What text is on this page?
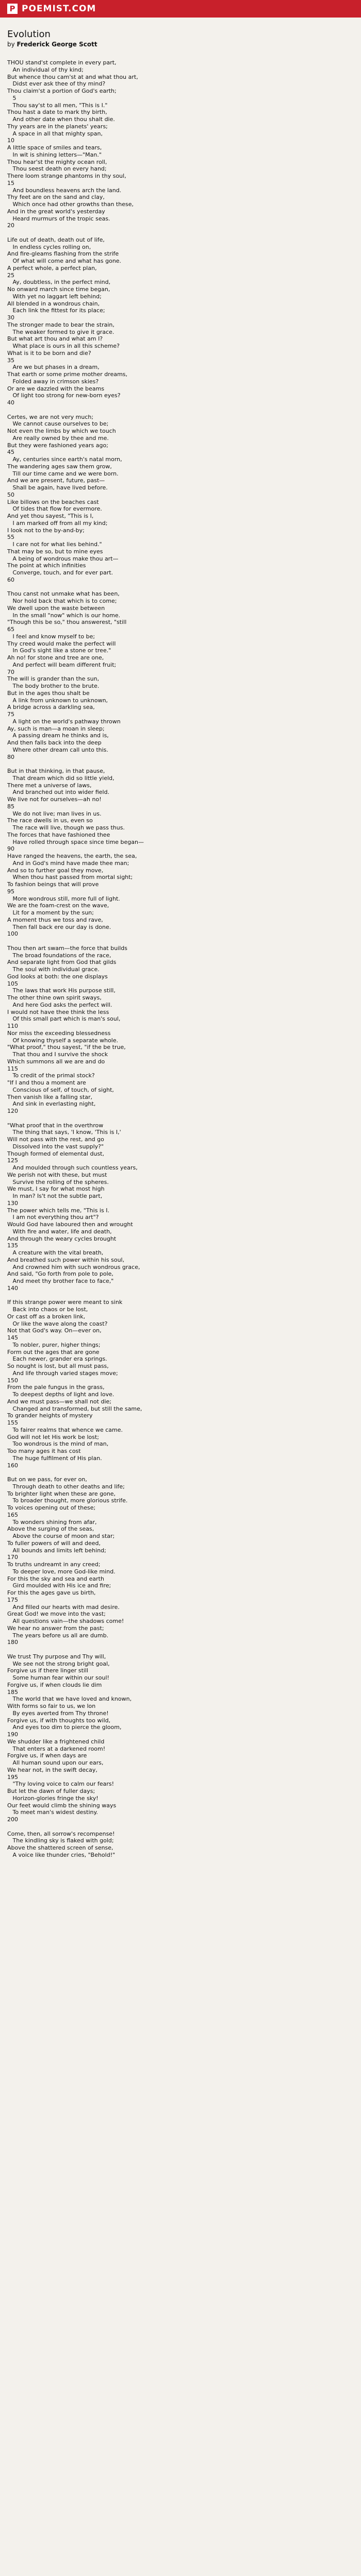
P POEMIST.COM
Evolution
by Frederick George Scott
THOU stand'st complete in every part,
An individual of thy kind;
But whence thou cam'st at and what thou art,
Didst ever ask thee of thy mind?
Thou claim'st a portion of God's earth;
5
Thou say'st to all men, "This is I."
Thou hast a date to mark thy birth,
And other date when thou shalt die.
Thy years are in the planets' years;
A space in all that mighty span,
10
A little space of smiles and tears,
In wit is shining letters—"Man."
Thou hear'st the mighty ocean roll,
Thou seest death on every hand;
There loom strange phantoms in thy soul,
15
And boundless heavens arch the land.
Thy feet are on the sand and clay,
Which once had other growths than these,
And in the great world's yesterday
Heard murmurs of the tropic seas.
20
Life out of death, death out of life,
In endless cycles rolling on,
And fire-gleams flashing from the strife
Of what will come and what has gone.
A perfect whole, a perfect plan,
25
Ay, doubtless, in the perfect mind,
No onward march since time began,
With yet no laggart left behind;
All blended in a wondrous chain,
Each link the fittest for its place;
30
The stronger made to bear the strain,
The weaker formed to give it grace.
But what art thou and what am I?
What place is ours in all this scheme?
What is it to be born and die?
35
Are we but phases in a dream,
That earth or some prime mother dreams,
Folded away in crimson skies?
Or are we dazzled with the beams
Of light too strong for new-born eyes?
40
Certes, we are not very much;
We cannot cause ourselves to be;
Not even the limbs by which we touch
Are really owned by thee and me.
But they were fashioned years ago;
45
Ay, centuries since earth's natal morn,
The wandering ages saw them grow,
Till our time came and we were born.
And we are present, future, past—
Shall be again, have lived before.
50
Like billows on the beaches cast
Of tides that flow for evermore.
And yet thou sayest, "This is I,
I am marked off from all my kind;
I look not to the by-and-by;
55
I care not for what lies behind."
That may be so, but to mine eyes
A being of wondrous make thou art—
The point at which infinities
Converge, touch, and for ever part.
60
Thou canst not unmake what has been,
Nor hold back that which is to come;
We dwell upon the waste between
In the small "now" which is our home.
"Though this be so," thou answerest, "still
65
I feel and know myself to be;
Thy creed would make the perfect will
In God's sight like a stone or tree."
Ah no! for stone and tree are one,
And perfect will beam different fruit;
70
The will is grander than the sun,
The body brother to the brute.
But in the ages thou shalt be
A link from unknown to unknown,
A bridge across a darkling sea,
75
A light on the world's pathway thrown
Ay, such is man—a moan in sleep;
A passing dream he thinks and is,
And then falls back into the deep
Where other dream call unto this.
80
But in that thinking, in that pause,
That dream which did so little yield,
There met a universe of laws,
And branched out into wider field.
We live not for ourselves—ah no!
85
We do not live; man lives in us.
The race dwells in us, even so
The race will live, though we pass thus.
The forces that have fashioned thee
Have rolled through space since time began—
90
Have ranged the heavens, the earth, the sea,
And in God's mind have made thee man;
And so to further goal they move,
When thou hast passed from mortal sight;
To fashion beings that will prove
95
More wondrous still, more full of light.
We are the foam-crest on the wave,
Lit for a moment by the sun;
A moment thus we toss and rave,
Then fall back ere our day is done.
100
Thou then art swam—the force that builds
The broad foundations of the race,
And separate light from God that gilds
The soul with individual grace.
God looks at both: the one displays
105
The laws that work His purpose still,
The other thine own spirit sways,
And here God asks the perfect will.
I would not have thee think the less
Of this small part which is man's soul,
110
Nor miss the exceeding blessedness
Of knowing thyself a separate whole.
"What proof," thou sayest, "if the be true,
That thou and I survive the shock
Which summons all we are and do
115
To credit of the primal stock?
"If I and thou a moment are
Conscious of self, of touch, of sight,
Then vanish like a falling star,
And sink in everlasting night,
120
"What proof that in the overthrow
The thing that says, 'I know, 'This is I,'
Will not pass with the rest, and go
Dissolved into the vast supply?"
Though formed of elemental dust,
125
And moulded through such countless years,
We perish not with these, but must
Survive the rolling of the spheres.
We must, I say for what most high
In man? Is't not the subtle part,
130
The power which tells me, "This is I.
I am not everything thou art"?
Would God have laboured then and wrought
With fire and water, life and death,
And through the weary cycles brought
135
A creature with the vital breath,
And breathed such power within his soul,
And crowned him with such wondrous grace,
And said, "Go forth from pole to pole,
And meet thy brother face to face,"
140
If this strange power were meant to sink
Back into chaos or be lost,
Or cast off as a broken link,
Or like the wave along the coast?
Not that God's way. On—ever on,
145
To nobler, purer, higher things;
Form out the ages that are gone
Each newer, grander era springs.
So nought is lost, but all must pass,
And life through varied stages move;
150
From the pale fungus in the grass,
To deepest depths of light and love.
And we must pass—we shall not die;
Changed and transformed, but still the same,
To grander heights of mystery
155
To fairer realms that whence we came.
God will not let His work be lost;
Too wondrous is the mind of man,
Too many ages it has cost
The huge fulfilment of His plan.
160
But on we pass, for ever on,
Through death to other deaths and life;
To brighter light when these are gone,
To broader thought, more glorious strife.
To voices opening out of these;
165
To wonders shining from afar,
Above the surging of the seas,
Above the course of moon and star;
To fuller powers of will and deed,
All bounds and limits left behind;
170
To truths undreamt in any creed;
To deeper love, more God-like mind.
For this the sky and sea and earth
Gird moulded with His ice and fire;
For this the ages gave us birth,
175
And filled our hearts with mad desire.
Great God! we move into the vast;
All questions vain—the shadows come!
We hear no answer from the past;
The years before us all are dumb.
180
We trust Thy purpose and Thy will,
We see not the strong bright goal,
Forgive us if there linger still
Some human fear within our soul!
Forgive us, if when clouds lie dim
185
The world that we have loved and known,
With forms so fair to us, we lon
By eyes averted from Thy throne!
Forgive us, if with thoughts too wild,
And eyes too dim to pierce the gloom,
190
We shudder like a frightened child
That enters at a darkened room!
Forgive us, if when days are
All human sound upon our ears,
We hear not, in the swift decay,
195
"Thy loving voice to calm our fears!
But let the dawn of fuller days;
Horizon-glories fringe the sky!
Our feet would climb the shining ways
To meet man's widest destiny.
200
Come, then, all sorrow's recompense!
The kindling sky is flaked with gold;
Above the shattered screen of sense,
A voice like thunder cries, "Behold!"
